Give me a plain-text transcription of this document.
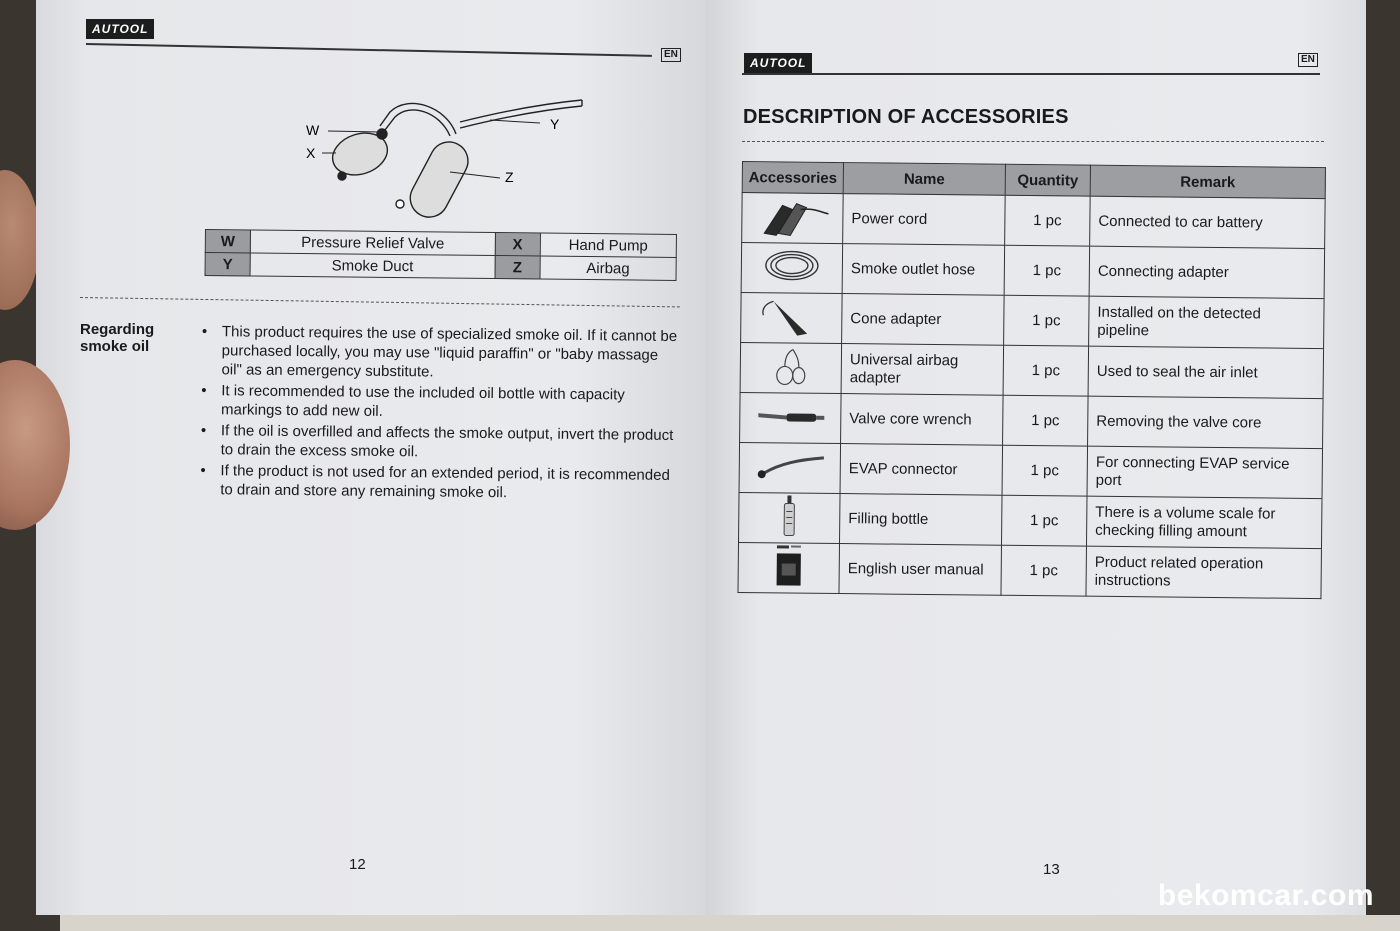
AUTOOL
EN
W
X
Y
Z
W	Pressure Relief Valve	X	Hand Pump
Y	Smoke Duct	Z	Airbag
Regarding smoke oil
• This product requires the use of specialized smoke oil. If it cannot be purchased locally, you may use "liquid paraffin" or "baby massage oil" as an emergency substitute.
• It is recommended to use the included oil bottle with capacity markings to add new oil.
• If the oil is overfilled and affects the smoke output, invert the product to drain the excess smoke oil.
• If the product is not used for an extended period, it is recommended to drain and store any remaining smoke oil.
12
AUTOOL	EN
DESCRIPTION OF ACCESSORIES
Accessories	Name	Quantity	Remark
	Power cord	1 pc	Connected to car battery
	Smoke outlet hose	1 pc	Connecting adapter
	Cone adapter	1 pc	Installed on the detected pipeline
	Universal airbag adapter	1 pc	Used to seal the air inlet
	Valve core wrench	1 pc	Removing the valve core
	EVAP connector	1 pc	For connecting EVAP service port
	Filling bottle	1 pc	There is a volume scale for checking filling amount
	English user manual	1 pc	Product related operation instructions
13
bekomcar.com
